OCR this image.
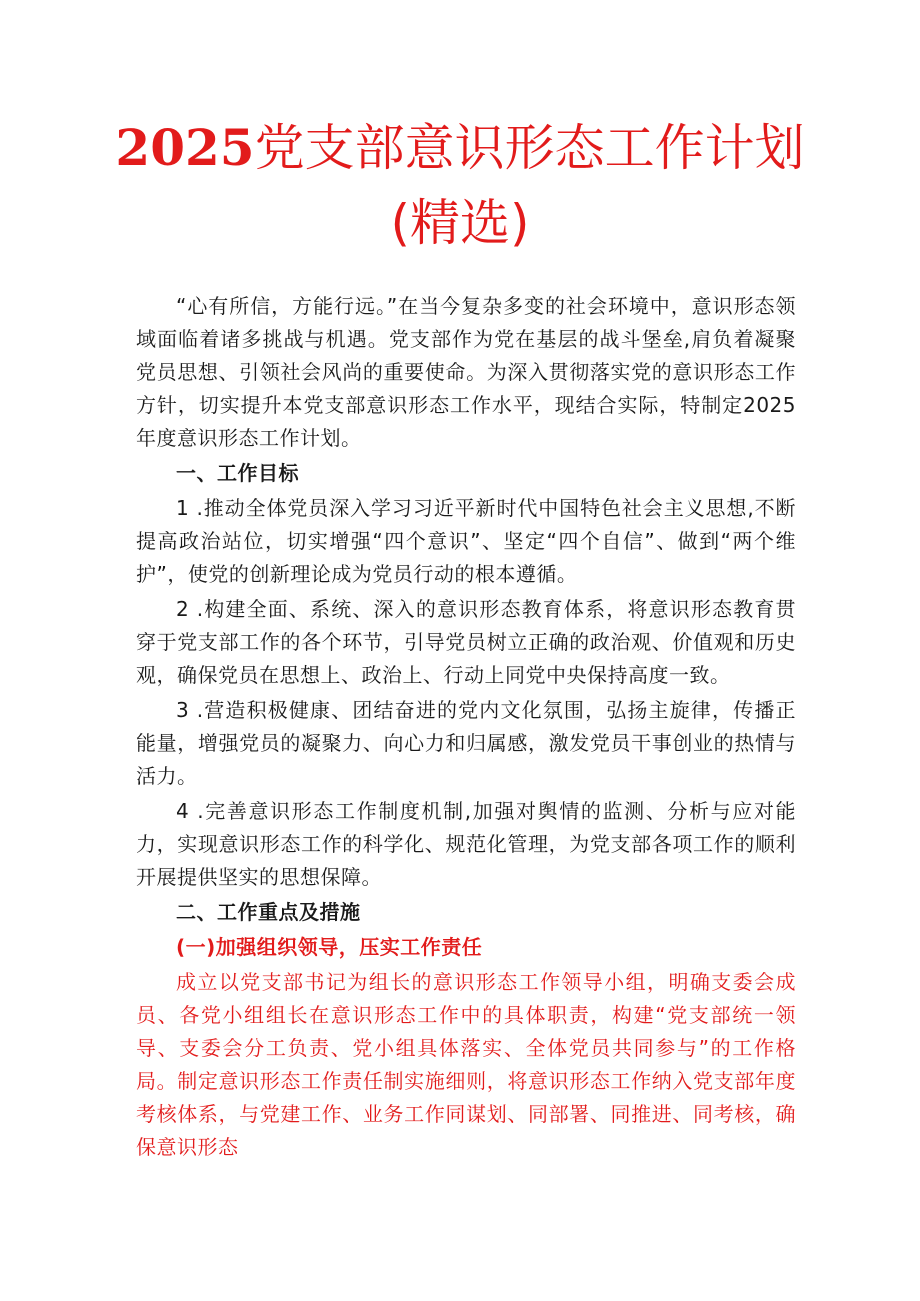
2025党支部意识形态工作计划
(精选)

“心有所信，方能行远。”在当今复杂多变的社会环境中，意识形态领域面临着诸多挑战与机遇。党支部作为党在基层的战斗堡垒,肩负着凝聚党员思想、引领社会风尚的重要使命。为深入贯彻落实党的意识形态工作方针，切实提升本党支部意识形态工作水平，现结合实际，特制定2025年度意识形态工作计划。

一、工作目标

1 .推动全体党员深入学习习近平新时代中国特色社会主义思想,不断提高政治站位，切实增强“四个意识”、坚定“四个自信”、做到“两个维护”，使党的创新理论成为党员行动的根本遵循。

2 .构建全面、系统、深入的意识形态教育体系，将意识形态教育贯穿于党支部工作的各个环节，引导党员树立正确的政治观、价值观和历史观，确保党员在思想上、政治上、行动上同党中央保持高度一致。

3 .营造积极健康、团结奋进的党内文化氛围，弘扬主旋律，传播正能量，增强党员的凝聚力、向心力和归属感，激发党员干事创业的热情与活力。

4 .完善意识形态工作制度机制,加强对舆情的监测、分析与应对能力，实现意识形态工作的科学化、规范化管理，为党支部各项工作的顺利开展提供坚实的思想保障。

二、工作重点及措施

(一)加强组织领导，压实工作责任

成立以党支部书记为组长的意识形态工作领导小组，明确支委会成员、各党小组组长在意识形态工作中的具体职责，构建“党支部统一领导、支委会分工负责、党小组具体落实、全体党员共同参与”的工作格局。制定意识形态工作责任制实施细则，将意识形态工作纳入党支部年度考核体系，与党建工作、业务工作同谋划、同部署、同推进、同考核，确保意识形态
